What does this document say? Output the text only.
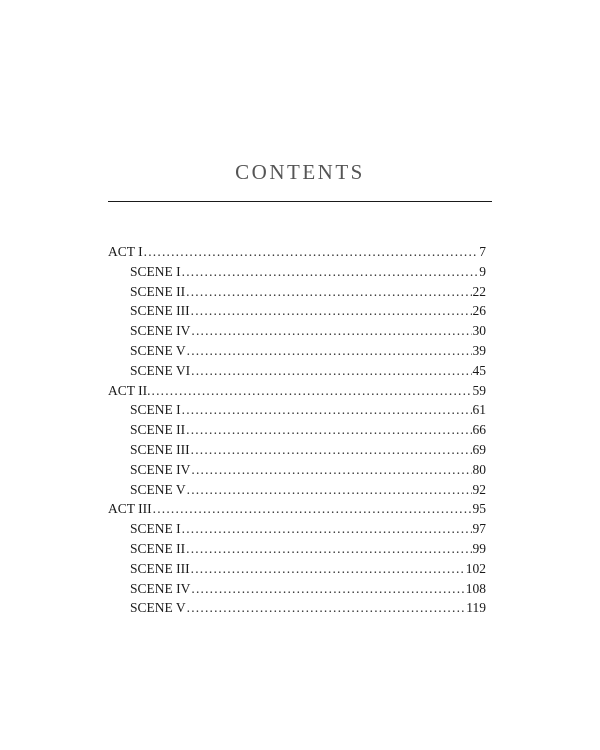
CONTENTS
ACT I .....	7
SCENE I .....	9
SCENE II .....	22
SCENE III .....	26
SCENE IV .....	30
SCENE V .....	39
SCENE VI .....	45
ACT II. .....	59
SCENE I .....	61
SCENE II .....	66
SCENE III .....	69
SCENE IV .....	80
SCENE V .....	92
ACT III .....	95
SCENE I .....	97
SCENE II .....	99
SCENE III .....	102
SCENE IV .....	108
SCENE V .....	119
